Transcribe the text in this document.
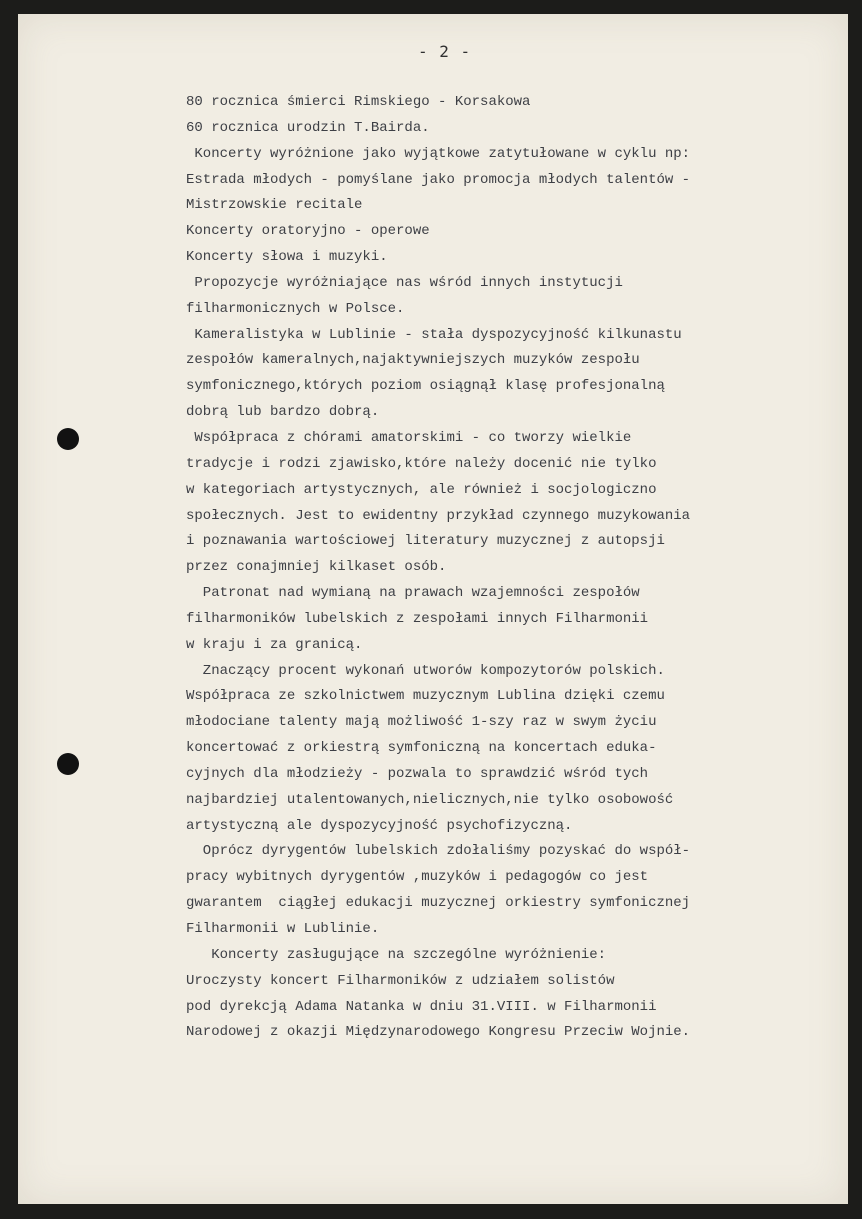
- 2 -
80 rocznica śmierci Rimskiego - Korsakowa
60 rocznica urodzin T.Bairda.
Koncerty wyróżnione jako wyjątkowe zatytułowane w cyklu np:
Estrada młodych - pomyślane jako promocja młodych talentów -
Mistrzowskie recitale
Koncerty oratoryjno - operowe
Koncerty słowa i muzyki.
Propozycje wyróżniające nas wśród innych instytucji
filharmonicznych w Polsce.
Kameralistyka w Lublinie - stała dyspozycyjność kilkunastu
zespołów kameralnych,najaktywniejszych muzyków zespołu
symfonicznego,których poziom osiągnął klasę profesjonalną
dobrą lub bardzo dobrą.
Współpraca z chórami amatorskimi - co tworzy wielkie
tradycje i rodzi zjawisko,które należy docenić nie tylko
w kategoriach artystycznych, ale również i socjologiczno
społecznych. Jest to ewidentny przykład czynnego muzykowania
i poznawania wartościowej literatury muzycznej z autopsji
przez conajmniej kilkaset osób.
Patronat nad wymianą na prawach wzajemności zespołów
filharmoników lubelskich z zespołami innych Filharmonii
w kraju i za granicą.
Znaczący procent wykonań utworów kompozytorów polskich.
Współpraca ze szkolnictwem muzycznym Lublina dzięki czemu
młodociane talenty mają możliwość 1-szy raz w swym życiu
koncertować z orkiestrą symfoniczną na koncertach eduka-
cyjnych dla młodzieży - pozwala to sprawdzić wśród tych
najbardziej utalentowanych,nielicznych,nie tylko osobowość
artystyczną ale dyspozycyjność psychofizyczną.
Oprócz dyrygentów lubelskich zdołaliśmy pozyskać do współ-
pracy wybitnych dyrygentów ,muzyków i pedagogów co jest
gwarantem  ciągłej edukacji muzycznej orkiestry symfonicznej
Filharmonii w Lublinie.
Koncerty zasługujące na szczególne wyróżnienie:
Uroczysty koncert Filharmoników z udziałem solistów
pod dyrekcją Adama Natanka w dniu 31.VIII. w Filharmonii
Narodowej z okazji Międzynarodowego Kongresu Przeciw Wojnie.
